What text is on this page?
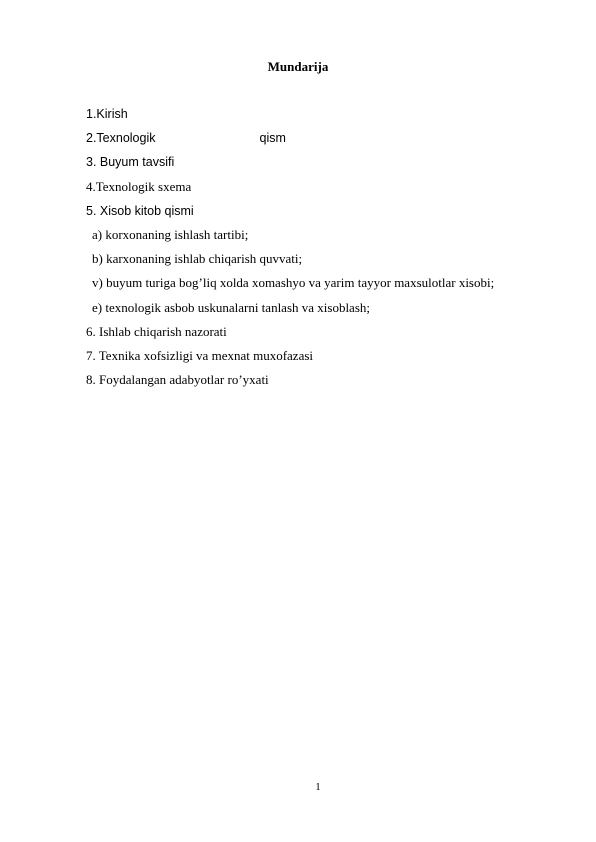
Mundarija
1.Kirish
2.Texnologik	qism
3. Buyum tavsifi
4.Texnologik sxema
5. Xisob kitob qismi
a) korxonaning ishlash tartibi;
b) karxonaning ishlab chiqarish quvvati;
v) buyum turiga bog’liq xolda xomashyo va yarim tayyor maxsulotlar xisobi;
e) texnologik asbob uskunalarni tanlash va xisoblash;
6. Ishlab chiqarish nazorati
7. Texnika xofsizligi va mexnat muxofazasi
8. Foydalangan adabyotlar ro’yxati
1
